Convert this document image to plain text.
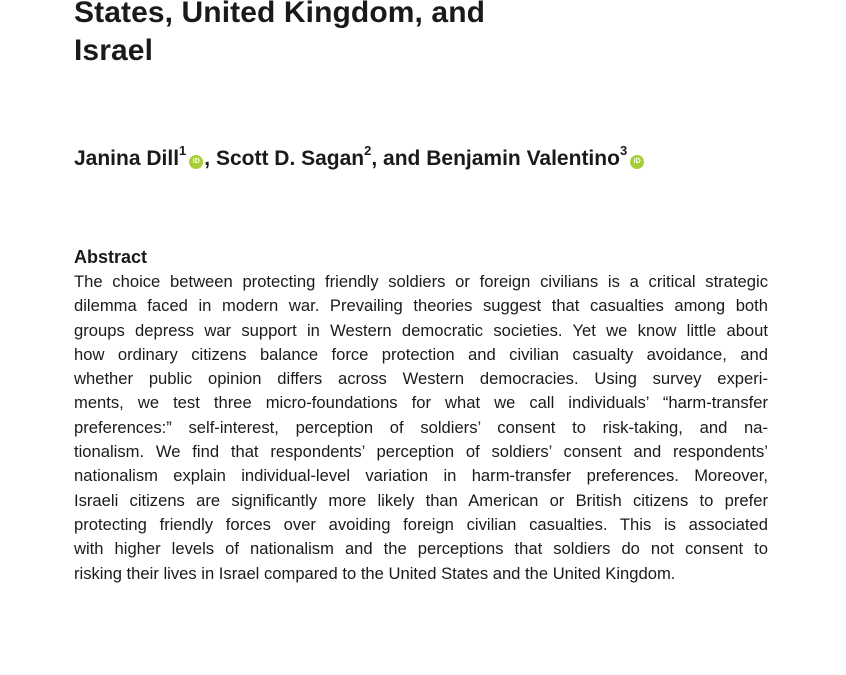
States, United Kingdom, and
Israel

Janina Dill$^1$iD , Scott D. Sagan$^2$, and Benjamin Valentino$^3$iD

Abstract
The choice between protecting friendly soldiers or foreign civilians is a critical strategic
dilemma faced in modern war. Prevailing theories suggest that casualties among both
groups depress war support in Western democratic societies. Yet we know little about
how ordinary citizens balance force protection and civilian casualty avoidance, and
whether public opinion differs across Western democracies. Using survey experi-
ments, we test three micro-foundations for what we call individuals’ “harm-transfer
preferences:” self-interest, perception of soldiers’ consent to risk-taking, and na-
tionalism. We find that respondents’ perception of soldiers’ consent and respondents’
nationalism explain individual-level variation in harm-transfer preferences. Moreover,
Israeli citizens are significantly more likely than American or British citizens to prefer
protecting friendly forces over avoiding foreign civilian casualties. This is associated
with higher levels of nationalism and the perceptions that soldiers do not consent to
risking their lives in Israel compared to the United States and the United Kingdom.
